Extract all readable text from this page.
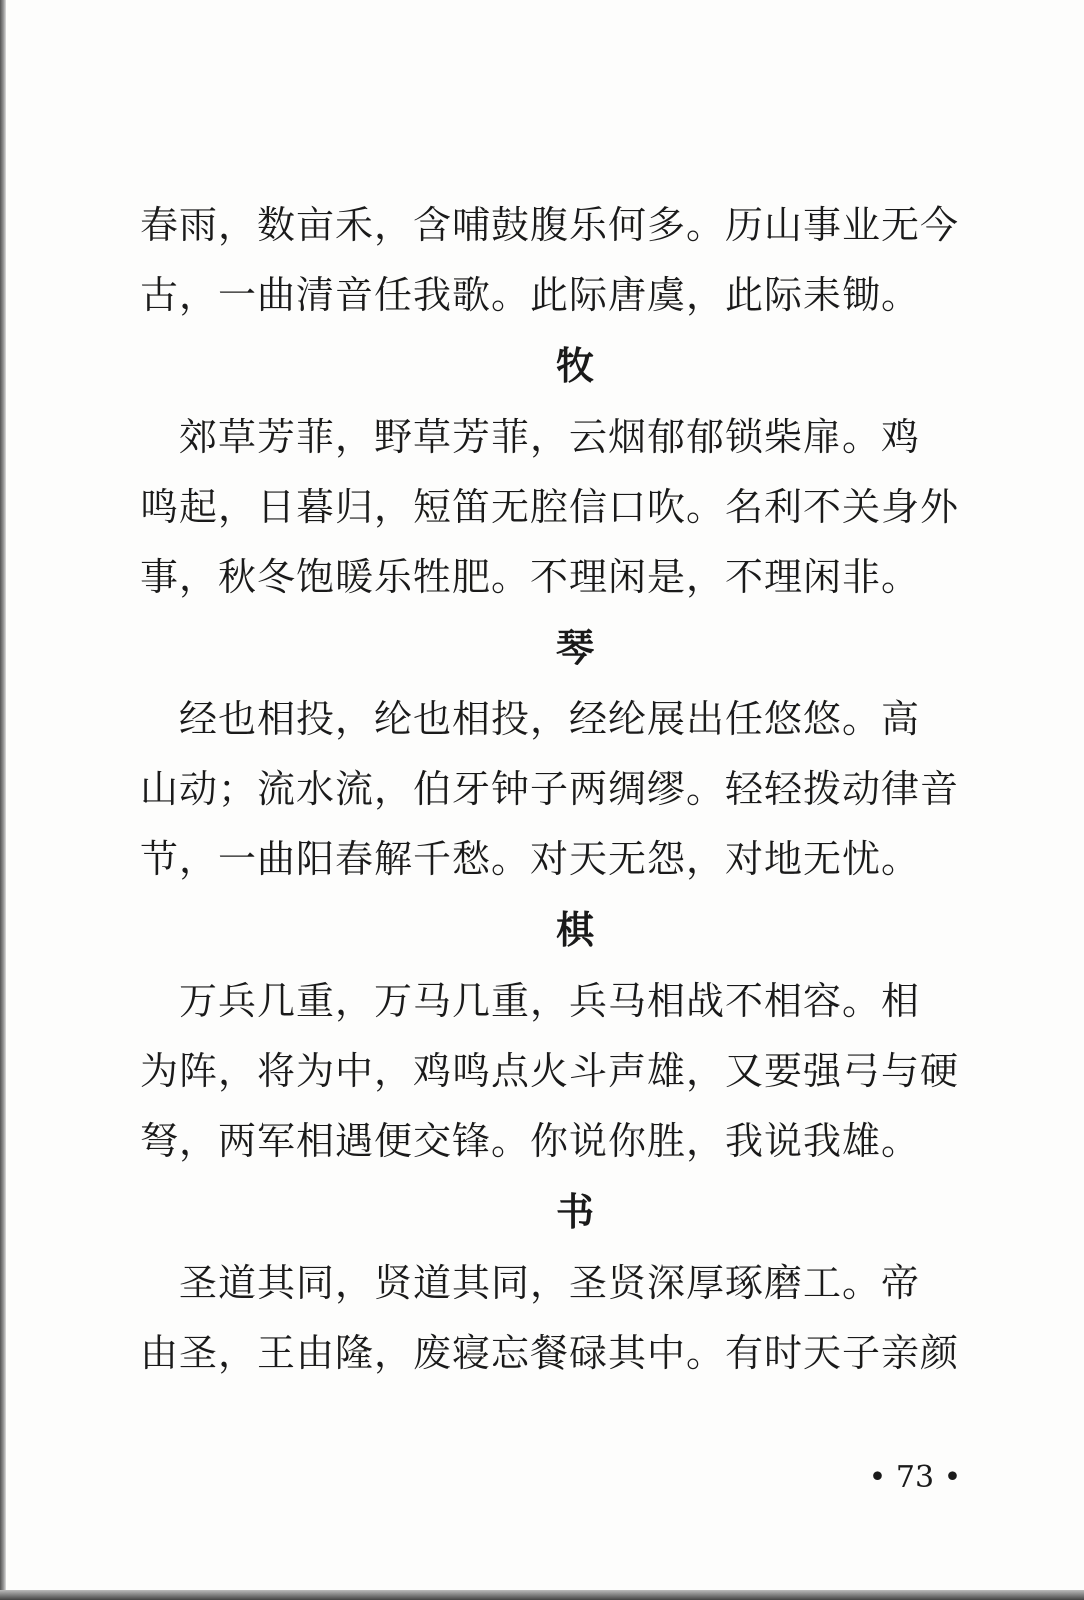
春雨，数亩禾，含哺鼓腹乐何多。历山事业无今
古，一曲清音任我歌。此际唐虞，此际耒锄。
牧
　郊草芳菲，野草芳菲，云烟郁郁锁柴扉。鸡
鸣起，日暮归，短笛无腔信口吹。名利不关身外
事，秋冬饱暖乐牲肥。不理闲是，不理闲非。
琴
　经也相投，纶也相投，经纶展出任悠悠。高
山动；流水流，伯牙钟子两绸缪。轻轻拨动律音
节，一曲阳春解千愁。对天无怨，对地无忧。
棋
　万兵几重，万马几重，兵马相战不相容。相
为阵，将为中，鸡鸣点火斗声雄，又要强弓与硬
弩，两军相遇便交锋。你说你胜，我说我雄。
书
　圣道其同，贤道其同，圣贤深厚琢磨工。帝
由圣，王由隆，废寝忘餐碌其中。有时天子亲颜
• 73 •
